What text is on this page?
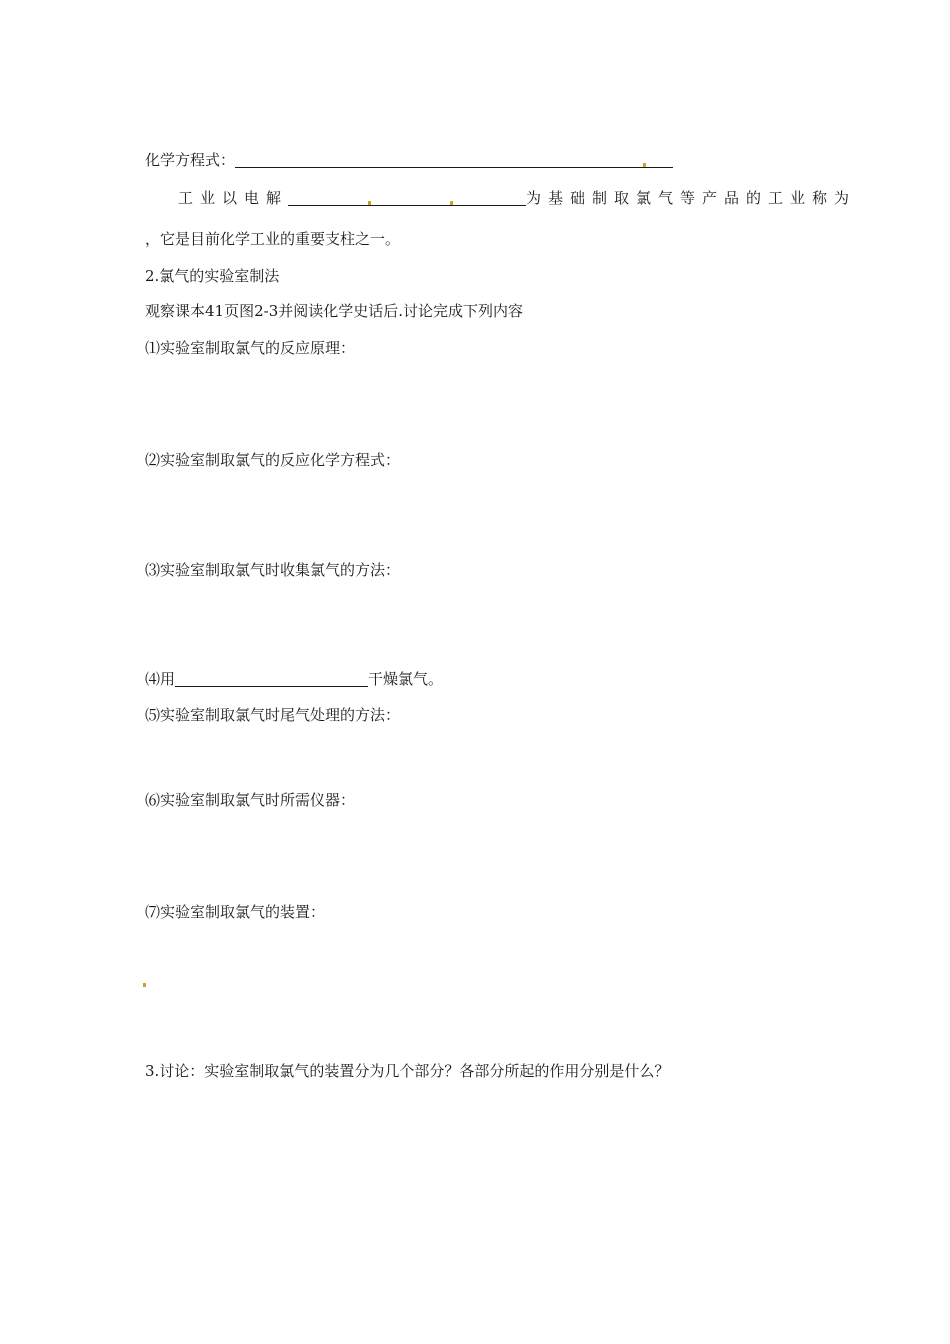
化学方程式：
工业以电解	为基础制取氯气等产品的工业称为
，它是目前化学工业的重要支柱之一。
2.氯气的实验室制法
观察课本41页图2-3并阅读化学史话后.讨论完成下列内容
⑴实验室制取氯气的反应原理：
⑵实验室制取氯气的反应化学方程式：
⑶实验室制取氯气时收集氯气的方法：
⑷用	干燥氯气。
⑸实验室制取氯气时尾气处理的方法：
⑹实验室制取氯气时所需仪器：
⑺实验室制取氯气的装置：
3.讨论：实验室制取氯气的装置分为几个部分？各部分所起的作用分别是什么？
